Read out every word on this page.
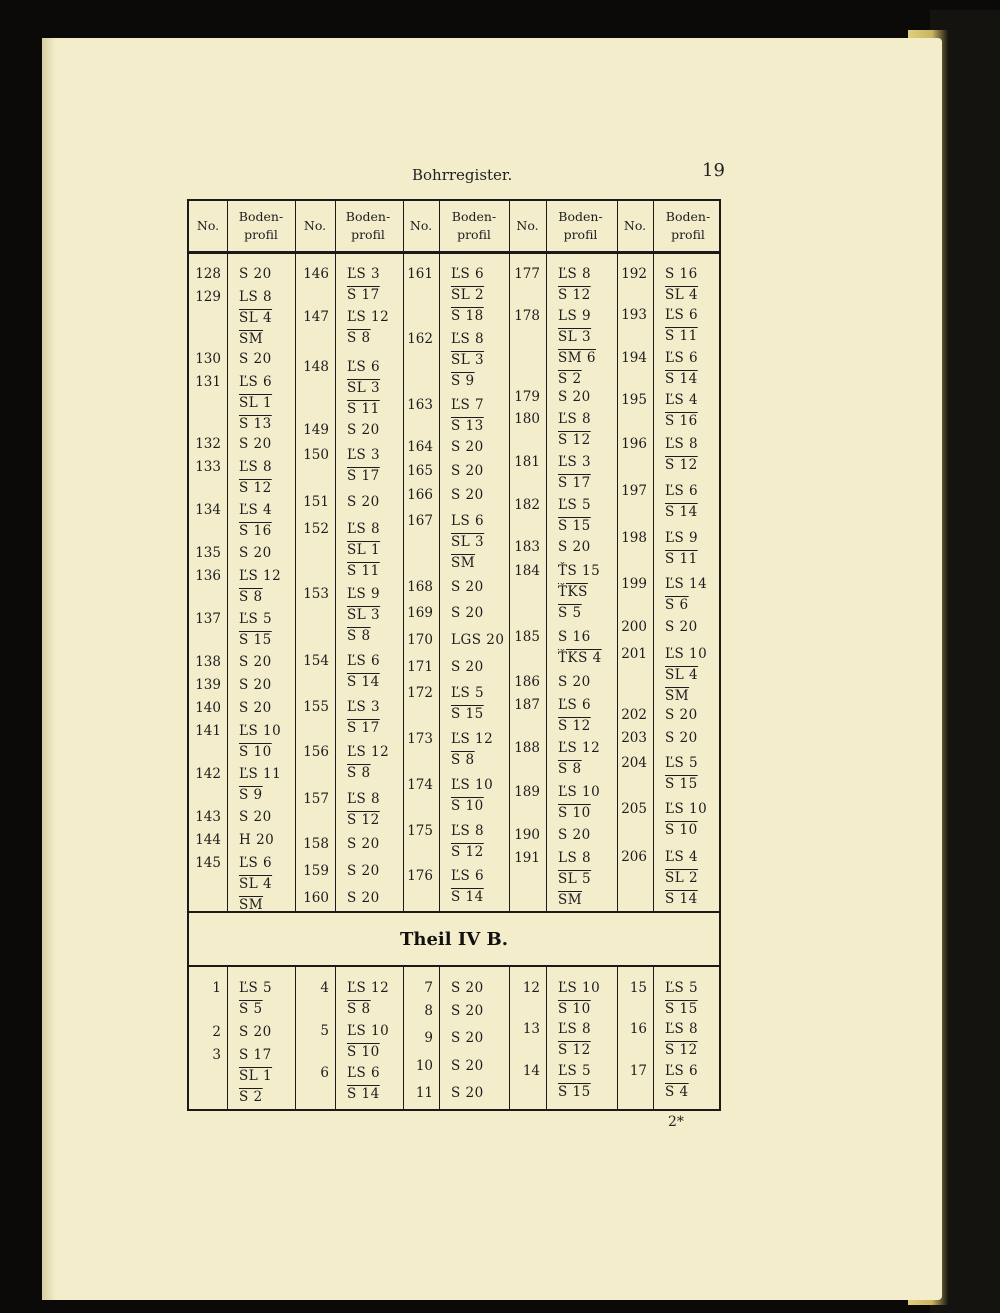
Bohrregister.	19
No.
Boden-
profil
No.
Boden-
profil
No.
Boden-
profil
No.
Boden-
profil
No.
Boden-
profil
Theil IV B.
128 S 20
129 LS 8
SL 4
$\overline{SM}$
130 S 20
131 ĽS 6
SL 1
S 13
132 S 20
133 ĽS 8
S 12
134 ĽS 4
S 16
135 S 20
136 ĽS 12
S 8
137 ĽS 5
S 15
138 S 20
139 S 20
140 S 20
141 ĽS 10
S 10
142 ĽS 11
S 9
143 S 20
144 H 20
145 ĽS 6
SL 4
$\overline{SM}$
146 ĽS 3
S 17
147 ĽS 12
S 8
148 ĽS 6
SL 3
S 11
149 S 20
150 ĽS 3
S 17
151 S 20
152 ĽS 8
SL 1
S 11
153 ĽS 9
SL 3
S 8
154 ĽS 6
S 14
155 ĽS 3
S 17
156 ĽS 12
S 8
157 ĽS 8
S 12
158 S 20
159 S 20
160 S 20
161 ĽS 6
SL 2
S 18
162 ĽS 8
SL 3
S 9
163 ĽS 7
S 13
164 S 20
165 S 20
166 S 20
167 LS 6
SL 3
$\overline{SM}$
168 S 20
169 S 20
170 LGS 20
171 S 20
172 ĽS 5
S 15
173 ĽS 12
S 8
174 ĽS 10
S 10
175 ĽS 8
S 12
176 ĽS 6
S 14
177 ĽS 8
S 12
178 LS 9
SL 3
SM 6
S 2
179 S 20
180 ĽS 8
S 12
181 ĽS 3
S 17
182 ĽS 5
S 15
183 S 20
184 ŤS 15
$\overline{ŤKS}$
S 5
185 S 16
ŤKS 4
186 S 20
187 ĽS 6
S 12
188 ĽS 12
S 8
189 ĽS 10
S 10
190 S 20
191 LS 8
SL 5
$\overline{SM}$
192 S 16
SL 4
193 ĽS 6
S 11
194 ĽS 6
S 14
195 ĽS 4
S 16
196 ĽS 8
S 12
197 ĽS 6
S 14
198 ĽS 9
S 11
199 ĽS 14
S 6
200 S 20
201 ĽS 10
SL 4
$\overline{SM}$
202 S 20
203 S 20
204 ĽS 5
S 15
205 ĽS 10
S 10
206 ĽS 4
SL 2
S 14
1 ĽS 5
S 5
2 S 20
3 S 17
SL 1
S 2
4 ĽS 12
S 8
5 ĽS 10
S 10
6 ĽS 6
S 14
7 S 20
8 S 20
9 S 20
10 S 20
11 S 20
12 ĽS 10
S 10
13 ĽS 8
S 12
14 ĽS 5
S 15
15 ĽS 5
S 15
16 ĽS 8
S 12
17 ĽS 6
S 4
2*
